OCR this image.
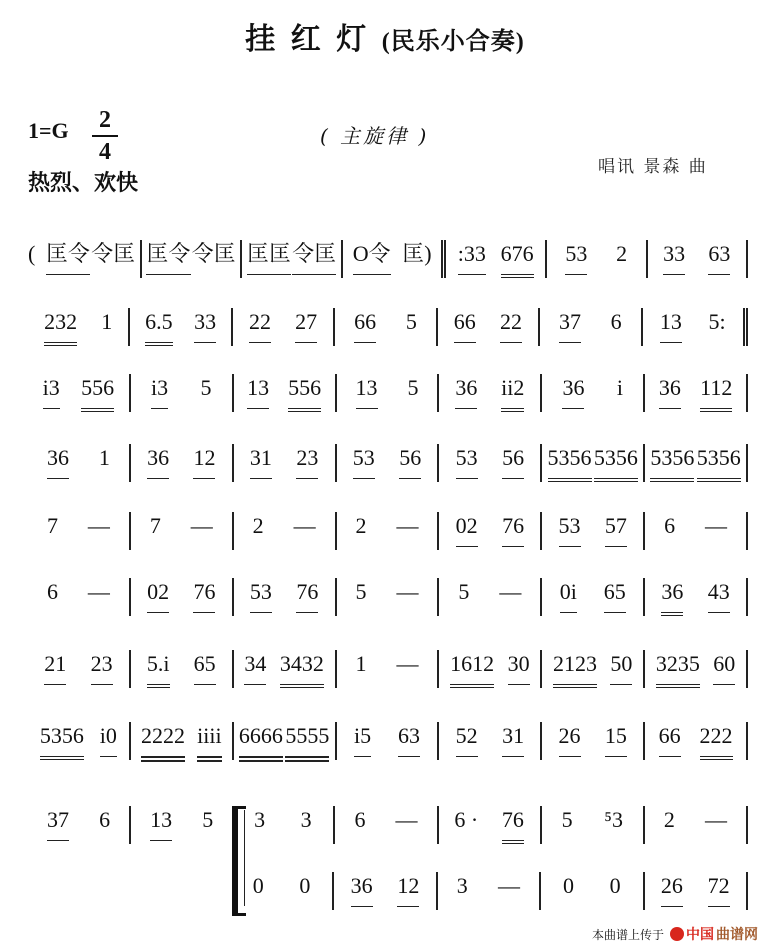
挂 红 灯 (民乐小合奏)
1=G 2
4
热烈、欢快
( 主旋律 )
唱讯 景森 曲
( 匡令 令匡 匡令 令匡 匡匡 令匡 O令 匡) :33 676 53 2 33 63
232 1 6.5 33 22 27 66 5 66 22 37 6 13 5:
i3 556 i3 5 13 556 13 5 36 ii2 36 i 36 112
36 1 36 12 31 23 53 56 53 56 5356 5356 5356 5356
7 — 7 — 2 — 2 — 02 76 53 57 6 —
6 — 02 76 53 76 5 — 5 — 0i 65 36 43
21 23 5.i 65 34 3432 1 — 1612 30 2123 50 3235 60
5356 i0 2222 iiii 6666 5555 i5 63 52 31 26 15 66 222
37 6 13 5 3 3 6 — 6 · 76 5 ⁵3 2 —
0 0 36 12 3 — 0 0 26 72
本曲谱上传于 中国 曲谱网
